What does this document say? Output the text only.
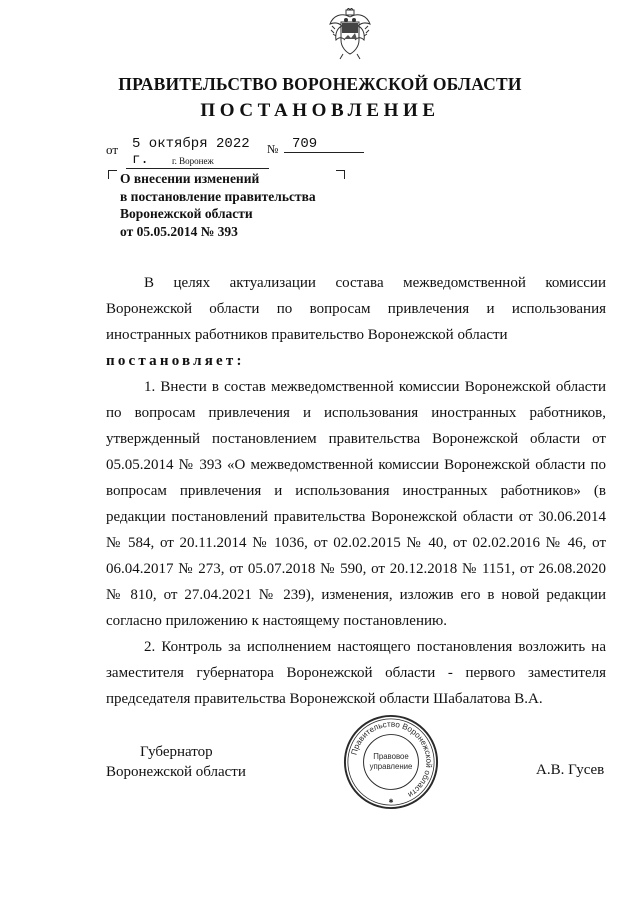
ПРАВИТЕЛЬСТВО ВОРОНЕЖСКОЙ ОБЛАСТИ
ПОСТАНОВЛЕНИЕ
от 5 октября 2022 г.
№ 709
г. Воронеж
О внесении изменений
в постановление правительства
Воронежской области
от 05.05.2014 № 393

В целях актуализации состава межведомственной комиссии Воронежской области по вопросам привлечения и использования иностранных работников правительство Воронежской области

постановляет:

1. Внести в состав межведомственной комиссии Воронежской области по вопросам привлечения и использования иностранных работников, утвержденный постановлением правительства Воронежской области от 05.05.2014 № 393 «О межведомственной комиссии Воронежской области по вопросам привлечения и использования иностранных работников» (в редакции постановлений правительства Воронежской области от 30.06.2014 № 584, от 20.11.2014 № 1036, от 02.02.2015 № 40, от 02.02.2016 № 46, от 06.04.2017 № 273, от 05.07.2018 № 590, от 20.12.2018 № 1151, от 26.08.2020 № 810, от 27.04.2021 № 239), изменения, изложив его в новой редакции согласно приложению к настоящему постановлению.

2. Контроль за исполнением настоящего постановления возложить на заместителя губернатора Воронежской области - первого заместителя председателя правительства Воронежской области Шабалатова В.А.

Губернатор
Воронежской области	А.В. Гусев
Правительство Воронежской области
Правовое
управление
✱
